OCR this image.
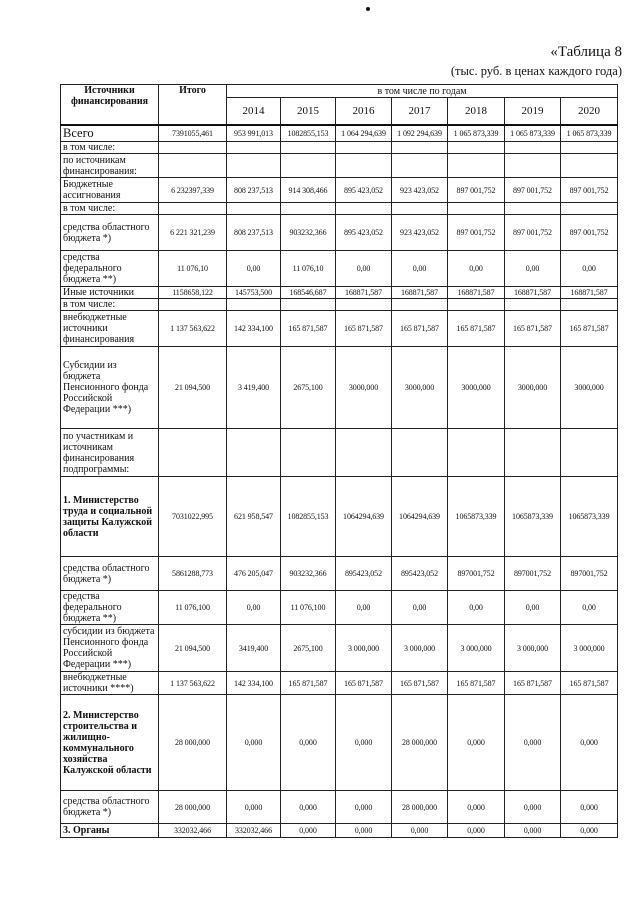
«Таблица 8
(тыс. руб. в ценах каждого года)
Источники финансирования	Итого	в том числе по годам						
		2014	2015	2016	2017	2018	2019	2020
Всего	7391055,461	953 991,013	1082855,153	1 064 294,639	1 092 294,639	1 065 873,339	1 065 873,339	1 065 873,339
в том числе:								
по источникам финансирования:								
Бюджетные ассигнования	6 232397,339	808 237,513	914 308,466	895 423,052	923 423,052	897 001,752	897 001,752	897 001,752
в том числе:								
средства областного бюджета *)	6 221 321,239	808 237,513	903232,366	895 423,052	923 423,052	897 001,752	897 001,752	897 001,752
средства федерального бюджета **)	11 076,10	0,00	11 076,10	0,00	0,00	0,00	0,00	0,00
Иные источники	1158658,122	145753,500	168546,687	168871,587	168871,587	168871,587	168871,587	168871,587
в том числе:								
внебюджетные источники финансирования	1 137 563,622	142 334,100	165 871,587	165 871,587	165 871,587	165 871,587	165 871,587	165 871,587
Субсидии из бюджета Пенсионного фонда Российской Федерации ***)	21 094,500	3 419,400	2675,100	3000,000	3000,000	3000,000	3000,000	3000,000
по участникам и источникам финансирования подпрограммы:								
1. Министерство труда и социальной защиты Калужской области	7031022,995	621 958,547	1082855,153	1064294,639	1064294,639	1065873,339	1065873,339	1065873,339
средства областного бюджета *)	5861288,773	476 205,047	903232,366	895423,052	895423,052	897001,752	897001,752	897001,752
средства федерального бюджета **)	11 076,100	0,00	11 076,100	0,00	0,00	0,00	0,00	0,00
субсидии из бюджета Пенсионного фонда Российской Федерации ***)	21 094,500	3419,400	2675,100	3 000,000	3 000,000	3 000,000	3 000,000	3 000,000
внебюджетные источники ****)	1 137 563,622	142 334,100	165 871,587	165 871,587	165 871,587	165 871,587	165 871,587	165 871,587
2. Министерство строительства и жилищно-коммунального хозяйства Калужской области	28 000,000	0,000	0,000	0,000	28 000,000	0,000	0,000	0,000
средства областного бюджета *)	28 000,000	0,000	0,000	0,000	28 000,000	0,000	0,000	0,000
3. Органы	332032,466	332032,466	0,000	0,000	0,000	0,000	0,000	0,000
